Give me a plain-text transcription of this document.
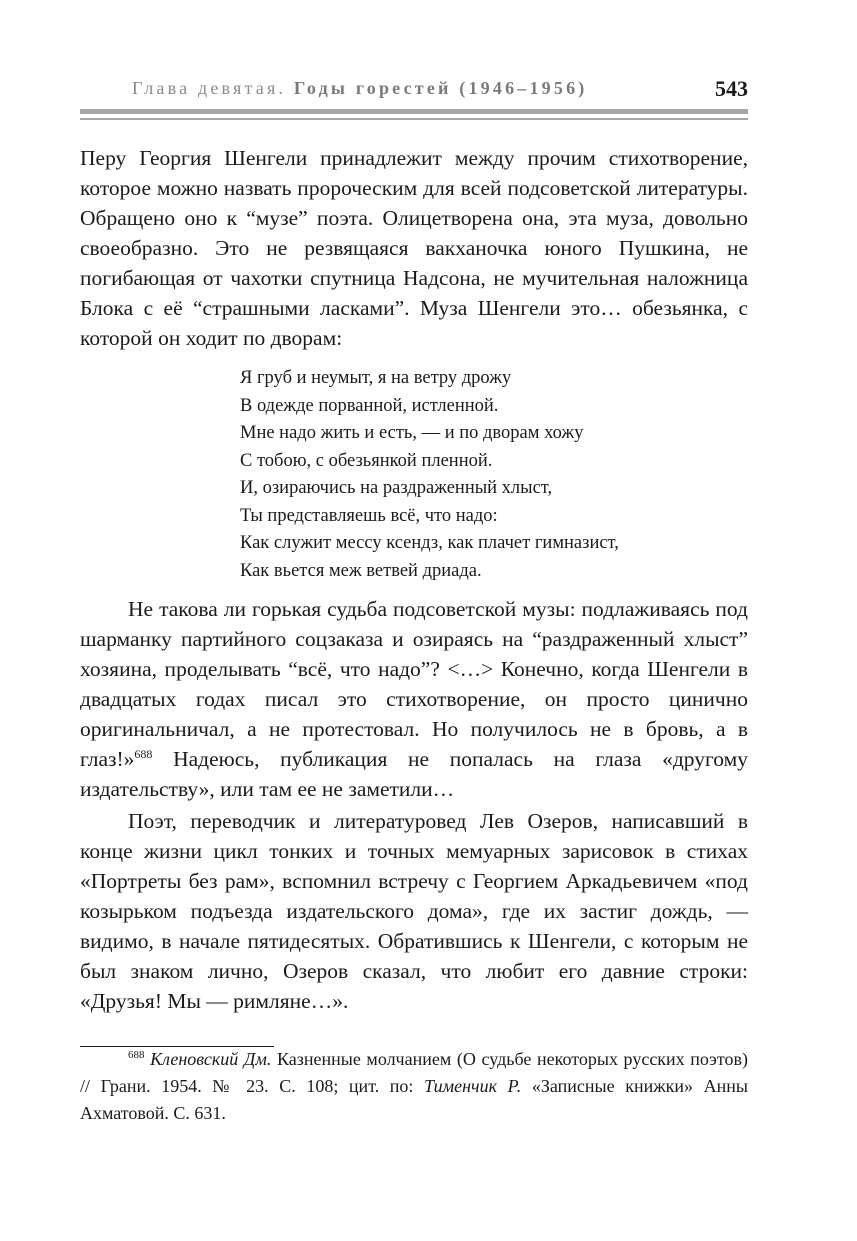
Глава девятая. Годы горестей (1946–1956)	543

Перу Георгия Шенгели принадлежит между прочим стихотворение, которое можно назвать пророческим для всей подсоветской литературы. Обращено оно к “музе” поэта. Олицетворена она, эта муза, довольно своеобразно. Это не резвящаяся вакханочка юного Пушкина, не погибающая от чахотки спутница Надсона, не мучительная наложница Блока с её “страшными ласками”. Муза Шенгели это… обезьянка, с которой он ходит по дворам:

Я груб и неумыт, я на ветру дрожу
В одежде порванной, истленной.
Мне надо жить и есть, — и по дворам хожу
С тобою, с обезьянкой пленной.
И, озираючись на раздраженный хлыст,
Ты представляешь всё, что надо:
Как служит мессу ксендз, как плачет гимназист,
Как вьется меж ветвей дриада.

Не такова ли горькая судьба подсоветской музы: подлаживаясь под шарманку партийного соцзаказа и озираясь на “раздраженный хлыст” хозяина, проделывать “всё, что надо”? <…> Конечно, когда Шенгели в двадцатых годах писал это стихотворение, он просто цинично оригинальничал, а не протестовал. Но получилось не в бровь, а в глаз!»$^{688}$ Надеюсь, публикация не попалась на глаза «другому издательству», или там ее не заметили…

Поэт, переводчик и литературовед Лев Озеров, написавший в конце жизни цикл тонких и точных мемуарных зарисовок в стихах «Портреты без рам», вспомнил встречу с Георгием Аркадьевичем «под козырьком подъезда издательского дома», где их застиг дождь, — видимо, в начале пятидесятых. Обратившись к Шенгели, с которым не был знаком лично, Озеров сказал, что любит его давние строки: «Друзья! Мы — римляне…».

$^{688}$ Кленовский Дм. Казненные молчанием (О судьбе некоторых русских поэтов) // Грани. 1954. № 23. С. 108; цит. по: Тименчик Р. «Записные книжки» Анны Ахматовой. С. 631.
